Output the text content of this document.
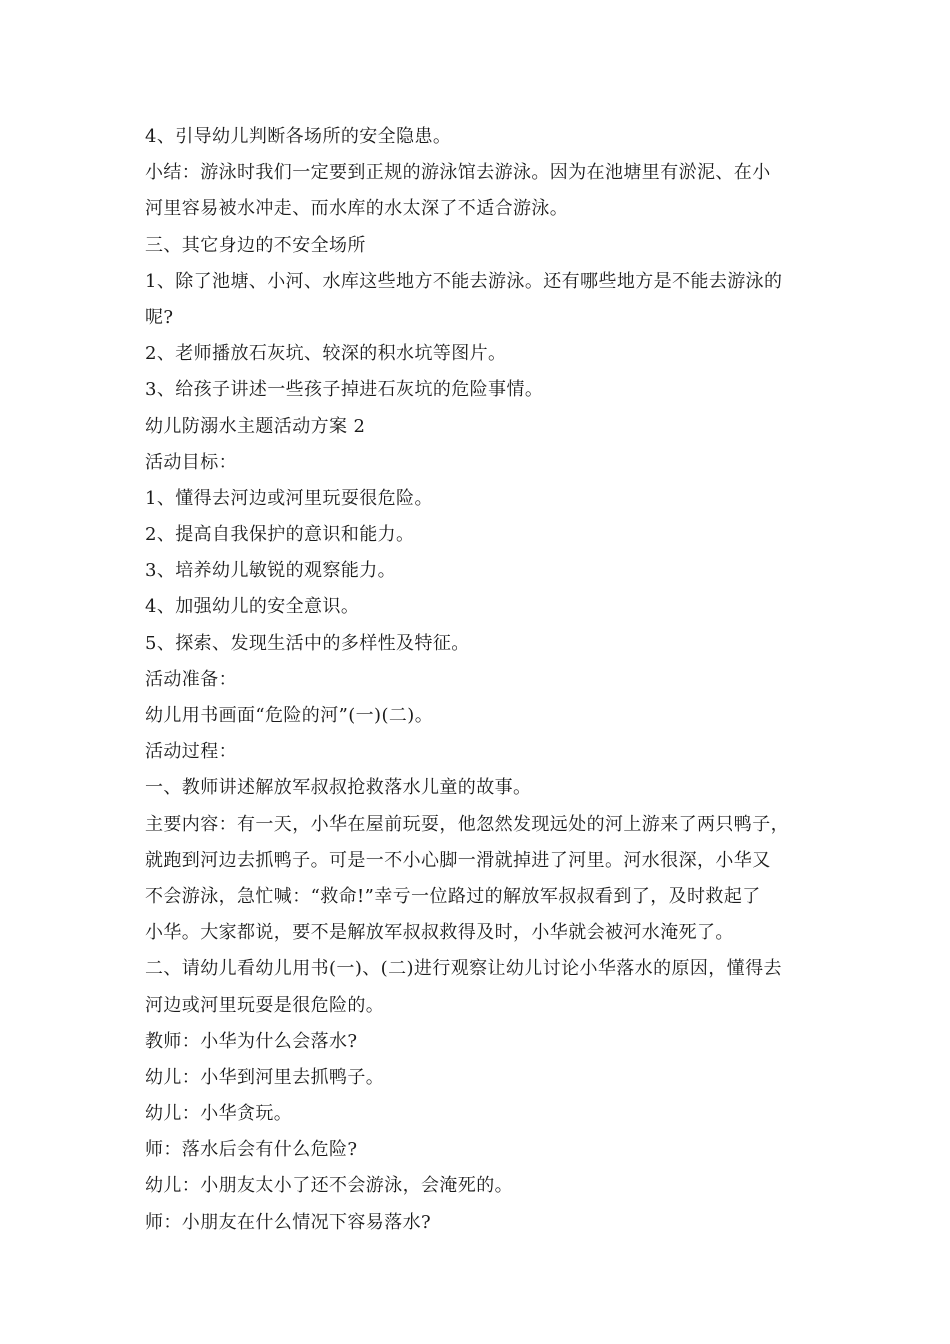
4、引导幼儿判断各场所的安全隐患。
小结：游泳时我们一定要到正规的游泳馆去游泳。因为在池塘里有淤泥、在小
河里容易被水冲走、而水库的水太深了不适合游泳。
三、其它身边的不安全场所
1、除了池塘、小河、水库这些地方不能去游泳。还有哪些地方是不能去游泳的
呢?
2、老师播放石灰坑、较深的积水坑等图片。
3、给孩子讲述一些孩子掉进石灰坑的危险事情。
幼儿防溺水主题活动方案 2
活动目标：
1、懂得去河边或河里玩耍很危险。
2、提高自我保护的意识和能力。
3、培养幼儿敏锐的观察能力。
4、加强幼儿的安全意识。
5、探索、发现生活中的多样性及特征。
活动准备：
幼儿用书画面“危险的河”(一)(二)。
活动过程：
一、教师讲述解放军叔叔抢救落水儿童的故事。
主要内容：有一天，小华在屋前玩耍，他忽然发现远处的河上游来了两只鸭子，
就跑到河边去抓鸭子。可是一不小心脚一滑就掉进了河里。河水很深，小华又
不会游泳，急忙喊：“救命!”幸亏一位路过的解放军叔叔看到了，及时救起了
小华。大家都说，要不是解放军叔叔救得及时，小华就会被河水淹死了。
二、请幼儿看幼儿用书(一)、(二)进行观察让幼儿讨论小华落水的原因，懂得去
河边或河里玩耍是很危险的。
教师：小华为什么会落水?
幼儿：小华到河里去抓鸭子。
幼儿：小华贪玩。
师：落水后会有什么危险?
幼儿：小朋友太小了还不会游泳，会淹死的。
师：小朋友在什么情况下容易落水?
